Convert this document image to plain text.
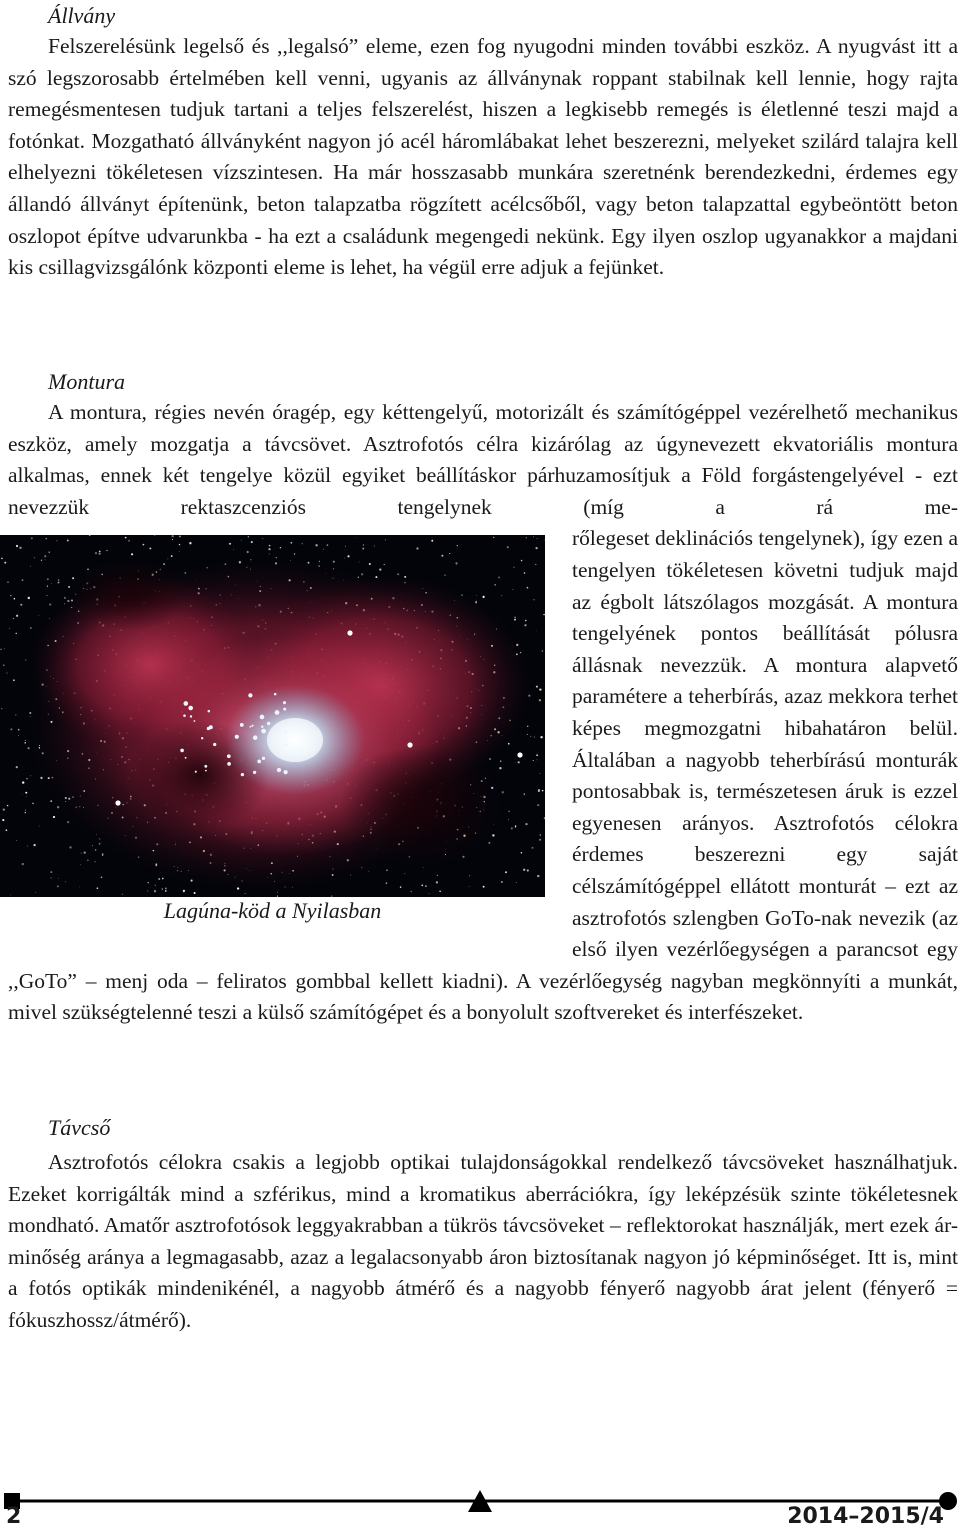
Állvány

Felszerelésünk legelső és ,,legalsó” eleme, ezen fog nyugodni minden további eszköz. A nyugvást itt a szó legszorosabb értelmében kell venni, ugyanis az állványnak roppant stabilnak kell lennie, hogy rajta remegésmentesen tudjuk tartani a teljes felszerelést, hiszen a legkisebb remegés is életlenné teszi majd a fotónkat. Mozgatható állványként nagyon jó acél háromlábakat lehet beszerezni, melyeket szilárd talajra kell elhelyezni tökéletesen vízszintesen. Ha már hosszasabb munkára szeretnénk berendezkedni, érdemes egy állandó állványt építenünk, beton talapzatba rögzített acélcsőből, vagy beton talapzattal egybeöntött beton oszlopot építve udvarunkba - ha ezt a családunk megengedi nekünk. Egy ilyen oszlop ugyanakkor a majdani kis csillagvizsgálónk központi eleme is lehet, ha végül erre adjuk a fejünket.

Montura

A montura, régies nevén óragép, egy kéttengelyű, motorizált és számítógéppel vezérelhető mechanikus eszköz, amely mozgatja a távcsövet. Asztrofotós célra kizárólag az úgynevezett ekvatoriális montura alkalmas, ennek két tengelye közül egyiket beállításkor párhuzamosítjuk a Föld forgástengelyével - ezt nevezzük rektaszcenziós tengelynek (míg a rá me-

Lagúna-köd a Nyilasban

rőlegeset deklinációs tengelynek), így ezen a tengelyen tökéletesen követni tudjuk majd az égbolt látszólagos mozgását. A montura tengelyének pontos beállítását pólusra állásnak nevezzük. A montura alapvető paramétere a teherbírás, azaz mekkora terhet képes megmozgatni hibahatáron belül. Általában a nagyobb teherbírású monturák pontosabbak is, természetesen áruk is ezzel egyenesen arányos. Asztrofotós célokra érdemes beszerezni egy saját célszámítógéppel ellátott monturát – ezt az asztrofotós szlengben GoTo-nak nevezik (az első ilyen vezérlőegységen a parancsot egy ,,GoTo” – menj oda – feliratos gombbal kellett kiadni). A vezérlőegység nagyban megkönnyíti a munkát, mivel szükségtelenné teszi a külső számítógépet és a bonyolult szoftvereket és interfészeket.

Távcső

Asztrofotós célokra csakis a legjobb optikai tulajdonságokkal rendelkező távcsöveket használhatjuk. Ezeket korrigálták mind a szférikus, mind a kromatikus aberrációkra, így leképzésük szinte tökéletesnek mondható. Amatőr asztrofotósok leggyakrabban a tükrös távcsöveket – reflektorokat használják, mert ezek ár-minőség aránya a legmagasabb, azaz a legalacsonyabb áron biztosítanak nagyon jó képminőséget. Itt is, mint a fotós optikák mindenikénél, a nagyobb átmérő és a nagyobb fényerő nagyobb árat jelent (fényerő = fókuszhossz/átmérő).

2	2014–2015/4
